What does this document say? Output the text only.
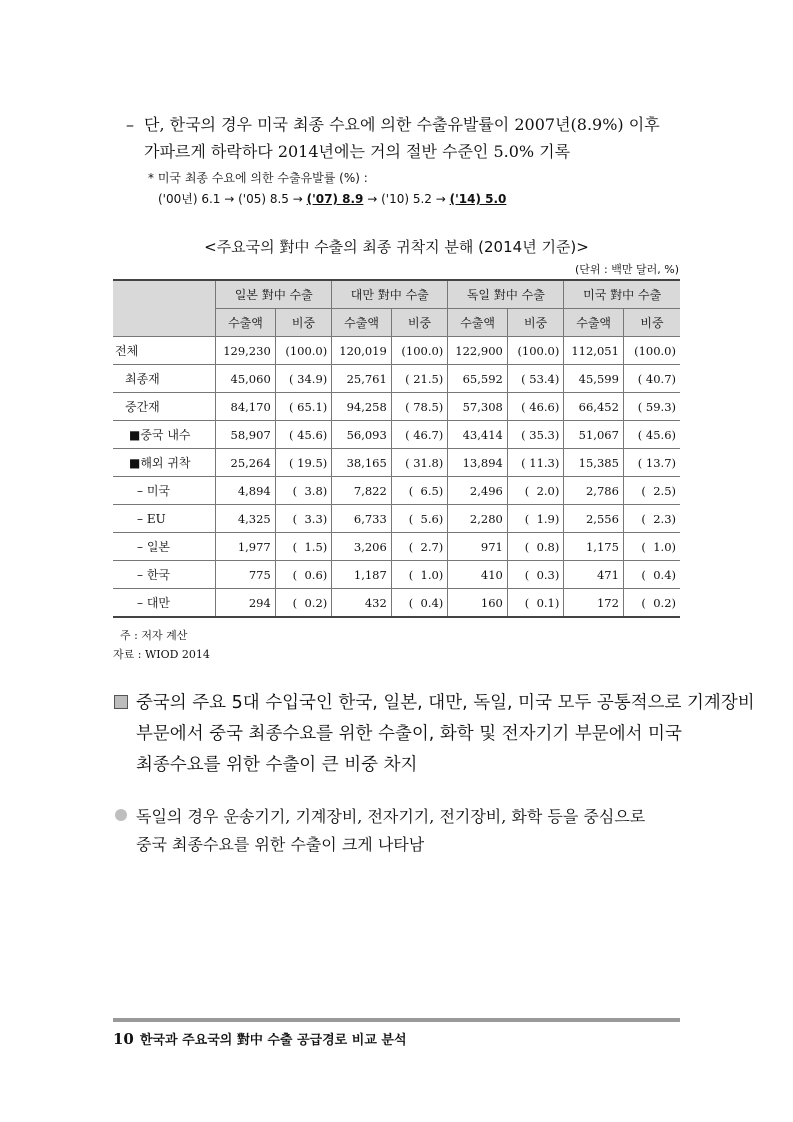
– 단, 한국의 경우 미국 최종 수요에 의한 수출유발률이 2007년(8.9%) 이후
가파르게 하락하다 2014년에는 거의 절반 수준인 5.0% 기록
* 미국 최종 수요에 의한 수출유발률 (%) :
('00년) 6.1 → ('05) 8.5 → ('07) 8.9 → ('10) 5.2 → ('14) 5.0
<주요국의 對中 수출의 최종 귀착지 분해 (2014년 기준)>
(단위 : 백만 달러, %)
	일본 對中 수출		대만 對中 수출		독일 對中 수출		미국 對中 수출	
	수출액	비중	수출액	비중	수출액	비중	수출액	비중
전체	129,230	(100.0)	120,019	(100.0)	122,900	(100.0)	112,051	(100.0)
최종재	45,060	( 34.9)	25,761	( 21.5)	65,592	( 53.4)	45,599	( 40.7)
중간재	84,170	( 65.1)	94,258	( 78.5)	57,308	( 46.6)	66,452	( 59.3)
■중국 내수	58,907	( 45.6)	56,093	( 46.7)	43,414	( 35.3)	51,067	( 45.6)
■해외 귀착	25,264	( 19.5)	38,165	( 31.8)	13,894	( 11.3)	15,385	( 13.7)
– 미국	4,894	(  3.8)	7,822	(  6.5)	2,496	(  2.0)	2,786	(  2.5)
– EU	4,325	(  3.3)	6,733	(  5.6)	2,280	(  1.9)	2,556	(  2.3)
– 일본	1,977	(  1.5)	3,206	(  2.7)	971	(  0.8)	1,175	(  1.0)
– 한국	775	(  0.6)	1,187	(  1.0)	410	(  0.3)	471	(  0.4)
– 대만	294	(  0.2)	432	(  0.4)	160	(  0.1)	172	(  0.2)
주 : 저자 계산
자료 : WIOD 2014
중국의 주요 5대 수입국인 한국, 일본, 대만, 독일, 미국 모두 공통적으로 기계장비
부문에서 중국 최종수요를 위한 수출이, 화학 및 전자기기 부문에서 미국
최종수요를 위한 수출이 큰 비중 차지
독일의 경우 운송기기, 기계장비, 전자기기, 전기장비, 화학 등을 중심으로
중국 최종수요를 위한 수출이 크게 나타남
10 한국과 주요국의 對中 수출 공급경로 비교 분석
